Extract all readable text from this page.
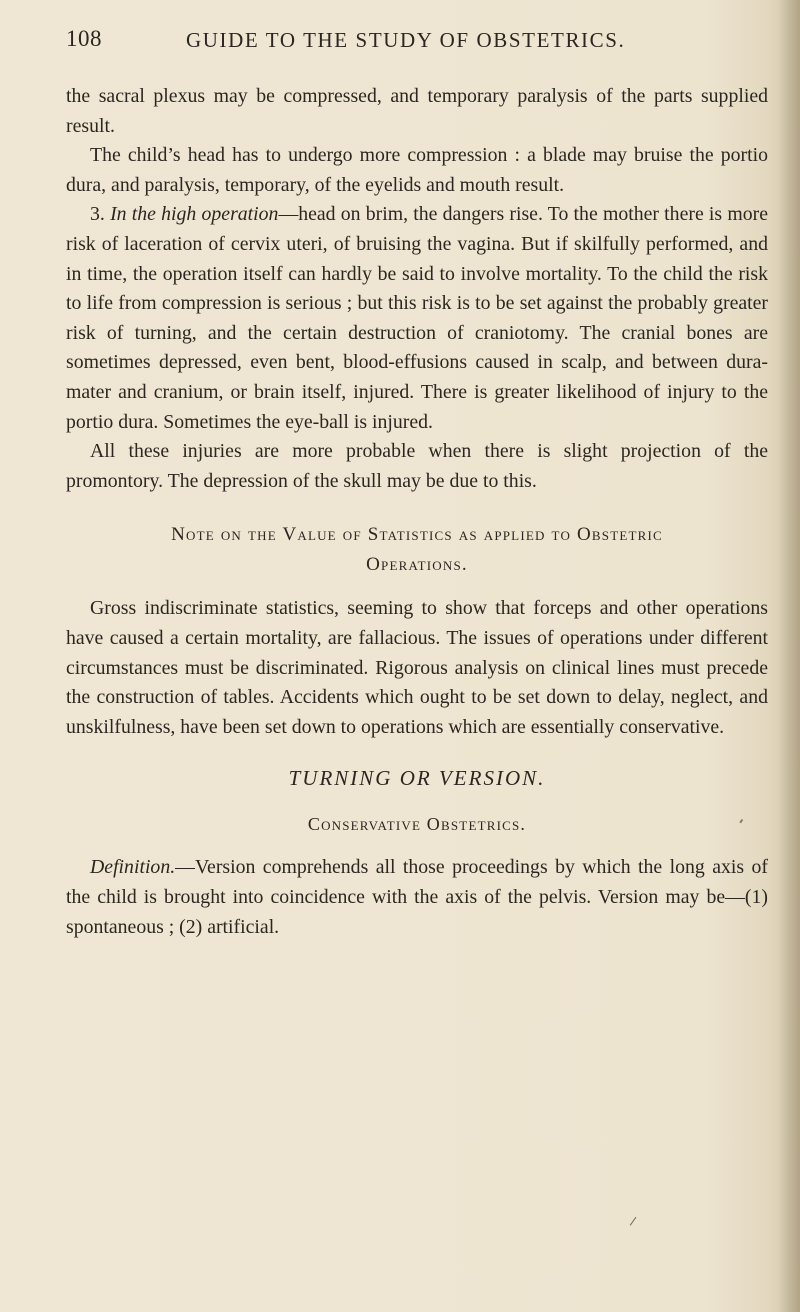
108	GUIDE TO THE STUDY OF OBSTETRICS.

the sacral plexus may be compressed, and temporary paralysis of the parts supplied result.

The child’s head has to undergo more compression : a blade may bruise the portio dura, and paralysis, temporary, of the eyelids and mouth result.

3. In the high operation—head on brim, the dangers rise. To the mother there is more risk of laceration of cervix uteri, of bruising the vagina. But if skilfully performed, and in time, the operation itself can hardly be said to involve mortality. To the child the risk to life from compression is serious ; but this risk is to be set against the probably greater risk of turning, and the certain destruction of craniotomy. The cranial bones are sometimes depressed, even bent, blood-effusions caused in scalp, and between dura-mater and cranium, or brain itself, injured. There is greater likelihood of injury to the portio dura. Sometimes the eye-ball is injured.

All these injuries are more probable when there is slight projection of the promontory. The depression of the skull may be due to this.

Note on the Value of Statistics as applied to Obstetric
Operations.

Gross indiscriminate statistics, seeming to show that forceps and other operations have caused a certain mortality, are fallacious. The issues of operations under different circumstances must be discriminated. Rigorous analysis on clinical lines must precede the construction of tables. Accidents which ought to be set down to delay, neglect, and unskilfulness, have been set down to operations which are essentially conservative.

TURNING OR VERSION.

Conservative Obstetrics.

Definition.—Version comprehends all those proceedings by which the long axis of the child is brought into coincidence with the axis of the pelvis. Version may be—(1) spontaneous ; (2) artificial.
